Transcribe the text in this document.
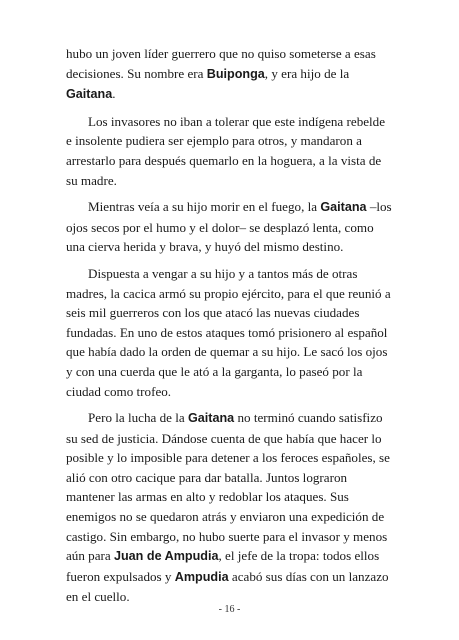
hubo un joven líder guerrero que no quiso someterse a esas decisiones. Su nombre era Buiponga, y era hijo de la Gaitana.

Los invasores no iban a tolerar que este indígena rebelde e insolente pudiera ser ejemplo para otros, y mandaron a arrestarlo para después quemarlo en la hoguera, a la vista de su madre.

Mientras veía a su hijo morir en el fuego, la Gaitana –los ojos secos por el humo y el dolor– se desplazó lenta, como una cierva herida y brava, y huyó del mismo destino.

Dispuesta a vengar a su hijo y a tantos más de otras madres, la cacica armó su propio ejército, para el que reunió a seis mil guerreros con los que atacó las nuevas ciudades fundadas. En uno de estos ataques tomó prisionero al español que había dado la orden de quemar a su hijo. Le sacó los ojos y con una cuerda que le ató a la garganta, lo paseó por la ciudad como trofeo.

Pero la lucha de la Gaitana no terminó cuando satisfizo su sed de justicia. Dándose cuenta de que había que hacer lo posible y lo imposible para detener a los feroces españoles, se alió con otro cacique para dar batalla. Juntos lograron mantener las armas en alto y redoblar los ataques. Sus enemigos no se quedaron atrás y enviaron una expedición de castigo. Sin embargo, no hubo suerte para el invasor y menos aún para Juan de Ampudia, el jefe de la tropa: todos ellos fueron expulsados y Ampudia acabó sus días con un lanzazo en el cuello.

- 16 -
